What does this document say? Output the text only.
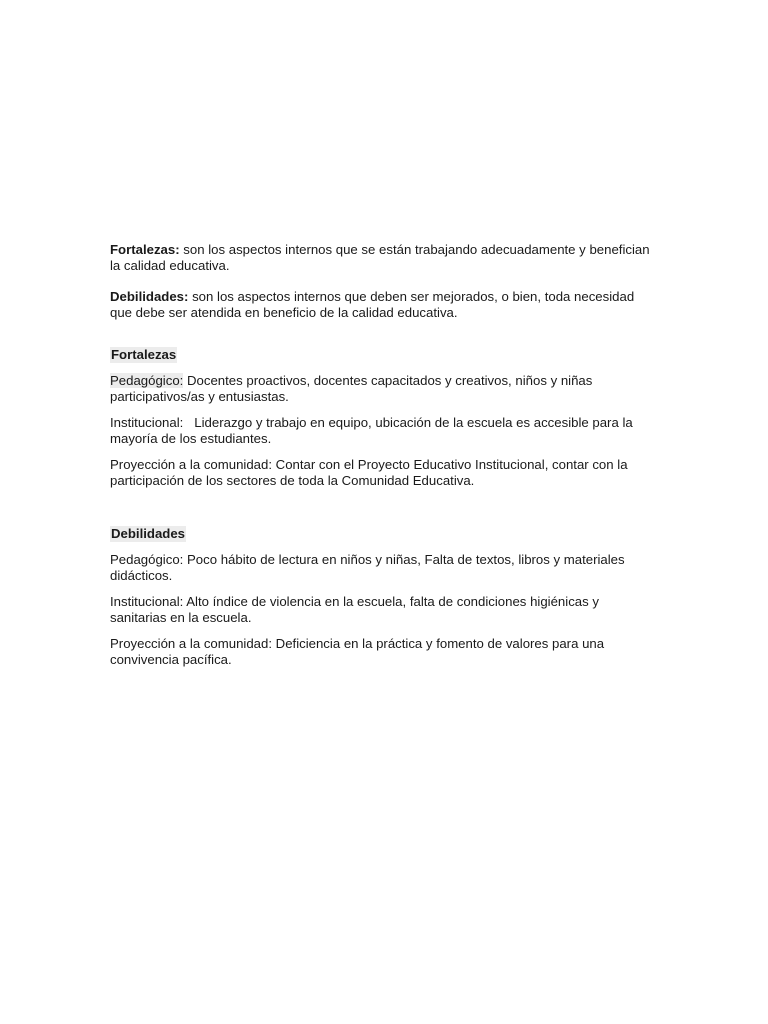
Fortalezas: son los aspectos internos que se están trabajando adecuadamente y benefician la calidad educativa.

Debilidades: son los aspectos internos que deben ser mejorados, o bien, toda necesidad que debe ser atendida en beneficio de la calidad educativa.

Fortalezas

Pedagógico: Docentes proactivos, docentes capacitados y creativos, niños y niñas participativos/as y entusiastas.

Institucional:   Liderazgo y trabajo en equipo, ubicación de la escuela es accesible para la mayoría de los estudiantes.

Proyección a la comunidad: Contar con el Proyecto Educativo Institucional, contar con la participación de los sectores de toda la Comunidad Educativa.

Debilidades

Pedagógico: Poco hábito de lectura en niños y niñas, Falta de textos, libros y materiales didácticos.

Institucional: Alto índice de violencia en la escuela, falta de condiciones higiénicas y sanitarias en la escuela.

Proyección a la comunidad: Deficiencia en la práctica y fomento de valores para una convivencia pacífica.
